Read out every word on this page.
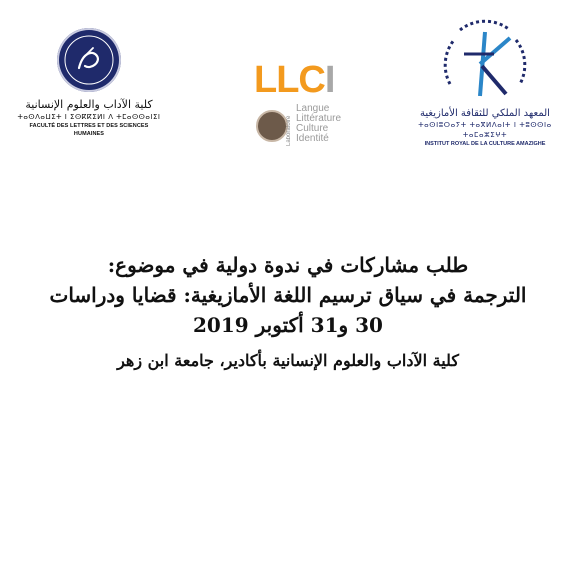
كلية الآداب والعلوم الإنسانية
ⵜⴰⵙⴷⴰⵡⵉⵜ ⵏ ⵉⵙⴽⴽⵉⵍⵏ ⴷ ⵜⵎⴰⵙⵙⴰⵏⵉⵏ
FACULTÉ DES LETTRES ET DES SCIENCES HUMAINES
LLCI
Laboratoire
Langue
Littérature
Culture
Identité
المعهد الملكي للثقافة الأمازيغية
ⵜⴰⵙⵏⵓⵔⴰⵢⵜ ⵜⴰⴳⵍⴷⴰⵏⵜ ⵏ ⵜⵓⵙⵙⵏⴰ ⵜⴰⵎⴰⵣⵉⵖⵜ
INSTITUT ROYAL DE LA CULTURE AMAZIGHE
طلب مشاركات في ندوة دولية في موضوع:
الترجمة في سياق ترسيم اللغة الأمازيغية: قضايا ودراسات
30 و31 أكتوبر 2019
كلية الآداب والعلوم الإنسانية بأكادير، جامعة ابن زهر
